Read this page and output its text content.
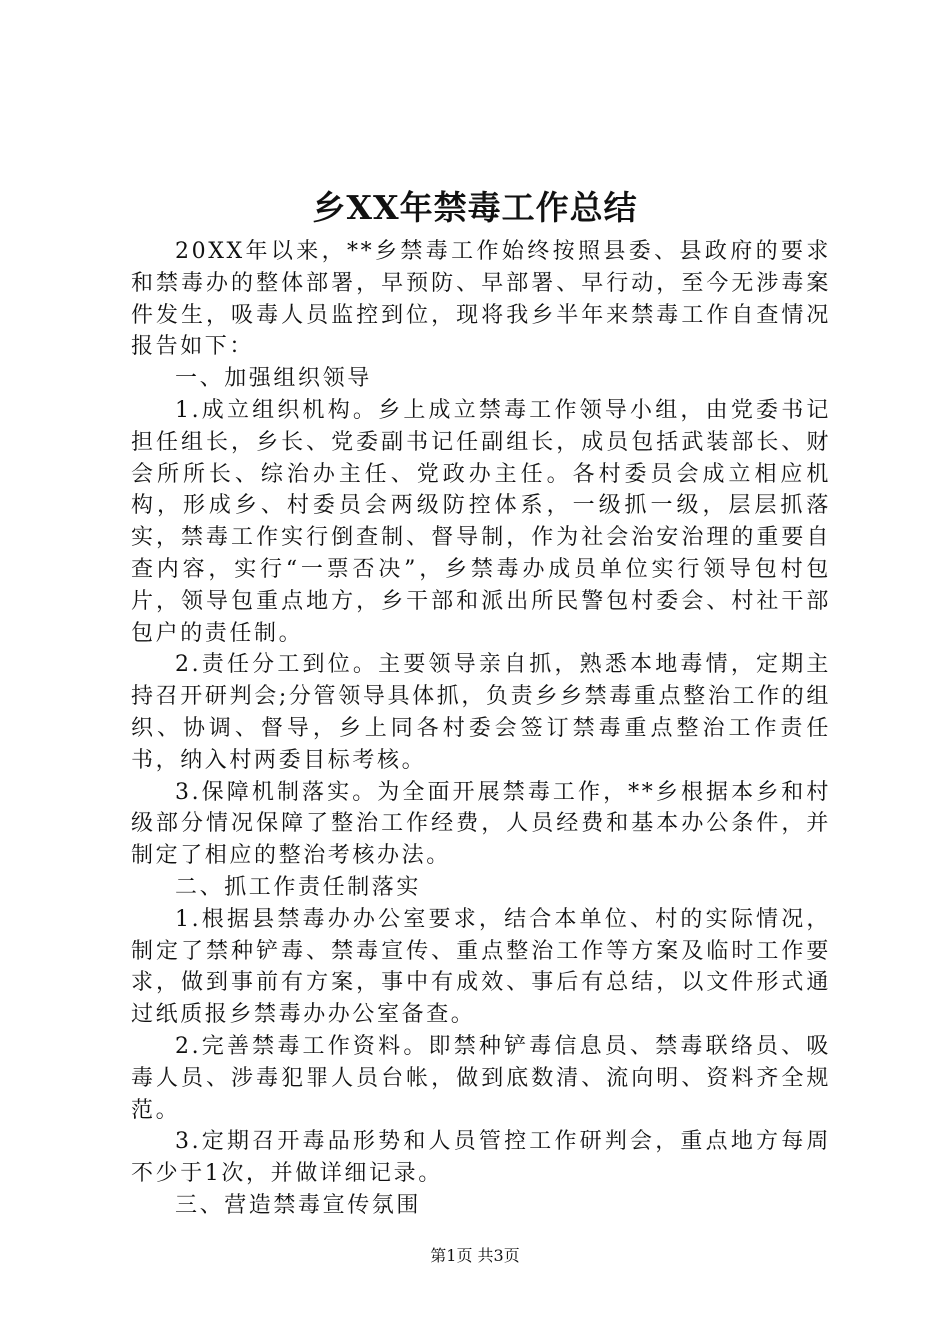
乡XX年禁毒工作总结

20XX年以来，**乡禁毒工作始终按照县委、县政府的要求和禁毒办的整体部署，早预防、早部署、早行动，至今无涉毒案件发生，吸毒人员监控到位，现将我乡半年来禁毒工作自查情况报告如下：

一、加强组织领导

1.成立组织机构。乡上成立禁毒工作领导小组，由党委书记担任组长，乡长、党委副书记任副组长，成员包括武装部长、财会所所长、综治办主任、党政办主任。各村委员会成立相应机构，形成乡、村委员会两级防控体系，一级抓一级，层层抓落实，禁毒工作实行倒查制、督导制，作为社会治安治理的重要自查内容，实行“一票否决”，乡禁毒办成员单位实行领导包村包片，领导包重点地方，乡干部和派出所民警包村委会、村社干部包户的责任制。

2.责任分工到位。主要领导亲自抓，熟悉本地毒情，定期主持召开研判会;分管领导具体抓，负责乡乡禁毒重点整治工作的组织、协调、督导，乡上同各村委会签订禁毒重点整治工作责任书，纳入村两委目标考核。

3.保障机制落实。为全面开展禁毒工作，**乡根据本乡和村级部分情况保障了整治工作经费，人员经费和基本办公条件，并制定了相应的整治考核办法。

二、抓工作责任制落实

1.根据县禁毒办办公室要求，结合本单位、村的实际情况，制定了禁种铲毒、禁毒宣传、重点整治工作等方案及临时工作要求，做到事前有方案，事中有成效、事后有总结，以文件形式通过纸质报乡禁毒办办公室备查。

2.完善禁毒工作资料。即禁种铲毒信息员、禁毒联络员、吸毒人员、涉毒犯罪人员台帐，做到底数清、流向明、资料齐全规范。

3.定期召开毒品形势和人员管控工作研判会，重点地方每周不少于1次，并做详细记录。

三、营造禁毒宣传氛围

第1页 共3页
